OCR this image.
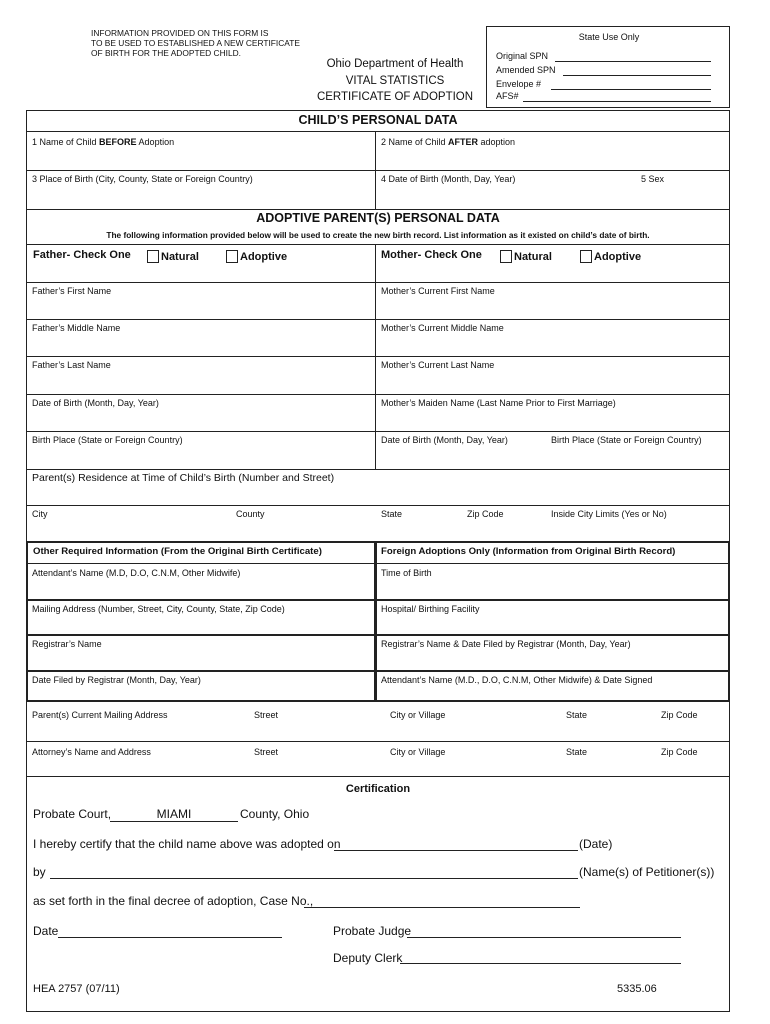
INFORMATION PROVIDED ON THIS FORM IS
TO BE USED TO ESTABLISHED A NEW CERTIFICATE
OF BIRTH FOR THE ADOPTED CHILD.
Ohio Department of Health
VITAL STATISTICS
CERTIFICATE OF ADOPTION
State Use Only
Original SPN
Amended SPN
Envelope #
AFS#
CHILD’S PERSONAL DATA
1 Name of Child BEFORE Adoption	2 Name of Child AFTER adoption
3 Place of Birth (City, County, State or Foreign Country)	4 Date of Birth (Month, Day, Year)	5 Sex
ADOPTIVE PARENT(S) PERSONAL DATA
The following information provided below will be used to create the new birth record. List information as it existed on child’s date of birth.
Father- Check One	Natural	Adoptive	Mother- Check One	Natural	Adoptive
Father’s First Name	Mother’s Current First Name
Father’s Middle Name	Mother’s Current Middle Name
Father’s Last Name	Mother’s Current Last Name
Date of Birth (Month, Day, Year)	Mother’s Maiden Name (Last Name Prior to First Marriage)
Birth Place (State or Foreign Country)	Date of Birth (Month, Day, Year)	Birth Place (State or Foreign Country)
Parent(s) Residence at Time of Child’s Birth (Number and Street)
City	County	State	Zip Code	Inside City Limits (Yes or No)
Other Required Information (From the Original Birth Certificate)	Foreign Adoptions Only (Information from Original Birth Record)
Attendant’s Name (M.D, D.O, C.N.M, Other Midwife)	Time of Birth
Mailing Address (Number, Street, City, County, State, Zip Code)	Hospital/ Birthing Facility
Registrar’s Name	Registrar’s Name & Date Filed by Registrar (Month, Day, Year)
Date Filed by Registrar (Month, Day, Year)	Attendant’s Name (M.D., D.O, C.N.M, Other Midwife) & Date Signed
Parent(s) Current Mailing Address	Street	City or Village	State	Zip Code
Attorney’s Name and Address	Street	City or Village	State	Zip Code
Certification
Probate Court,	MIAMI	County, Ohio
I hereby certify that the child name above was adopted on	(Date)
by	(Name(s) of Petitioner(s))
as set forth in the final decree of adoption, Case No.,
Date	Probate Judge
Deputy Clerk
HEA 2757 (07/11)	5335.06
